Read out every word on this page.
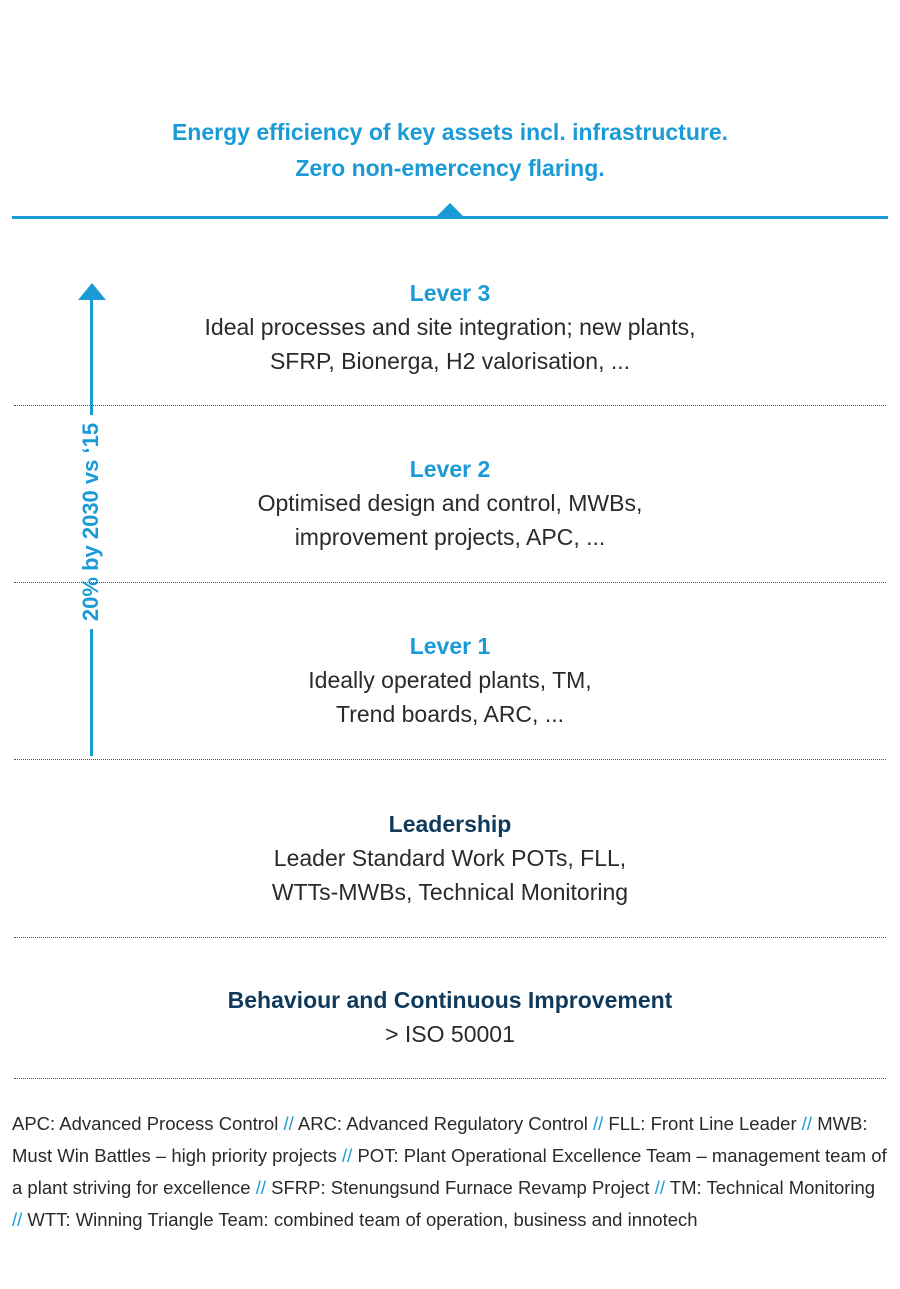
Energy efficiency of key assets incl. infrastructure.
Zero non-emercency flaring.
20% by 2030 vs ‘15
Lever 3
Ideal processes and site integration; new plants,
SFRP, Bionerga, H2 valorisation, ...
Lever 2
Optimised design and control, MWBs,
improvement projects, APC, ...
Lever 1
Ideally operated plants, TM,
Trend boards, ARC, ...
Leadership
Leader Standard Work POTs, FLL,
WTTs-MWBs, Technical Monitoring
Behaviour and Continuous Improvement
> ISO 50001
APC: Advanced Process Control // ARC: Advanced Regulatory Control // FLL: Front Line Leader // MWB: Must Win Battles – high priority projects // POT: Plant Operational Excellence Team – management team of a plant striving for excellence // SFRP: Stenungsund Furnace Revamp Project // TM: Technical Monitoring // WTT: Winning Triangle Team: combined team of operation, business and innotech
